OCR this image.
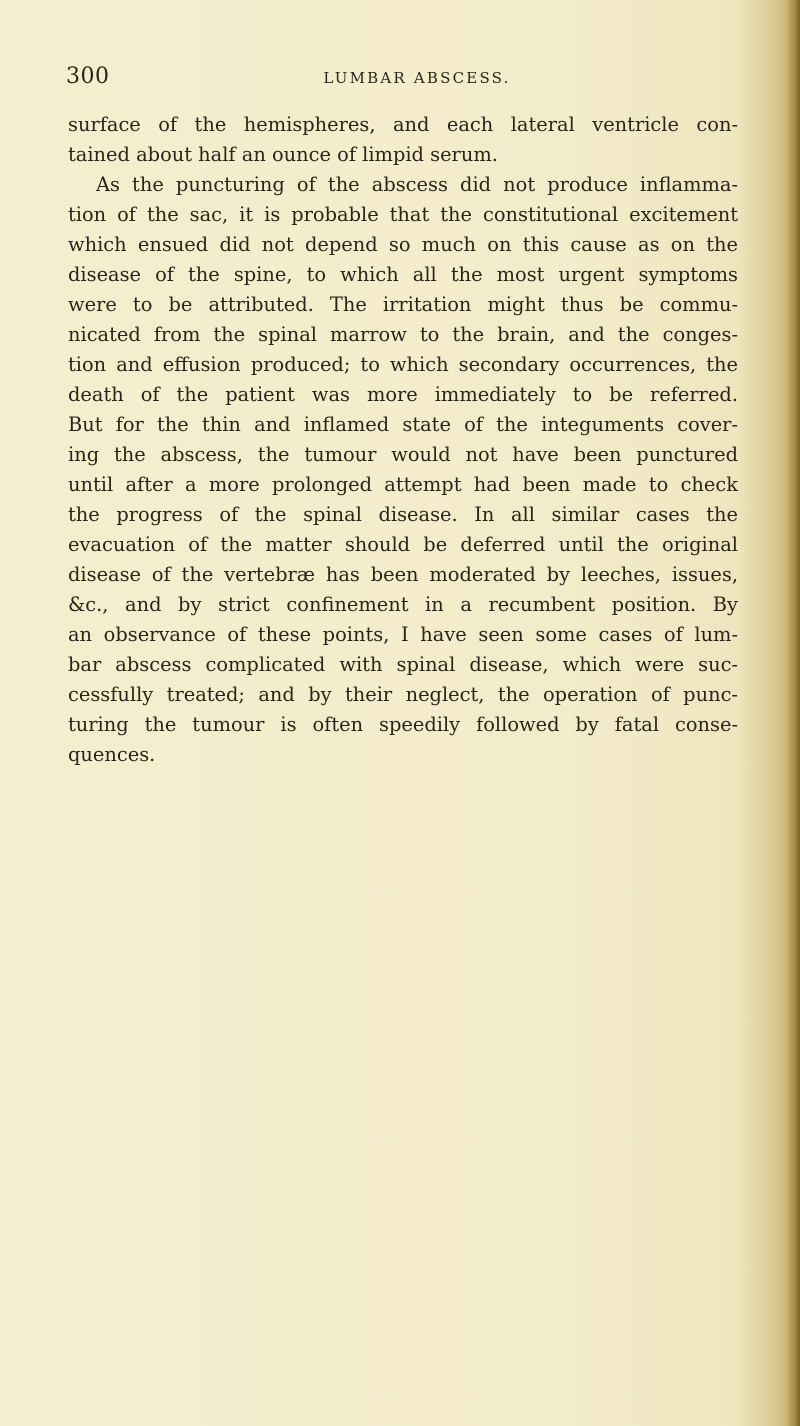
300	LUMBAR ABSCESS.
surface of the hemispheres, and each lateral ventricle con-
tained about half an ounce of limpid serum.
As the puncturing of the abscess did not produce inflamma-
tion of the sac, it is probable that the constitutional excitement
which ensued did not depend so much on this cause as on the
disease of the spine, to which all the most urgent symptoms
were to be attributed. The irritation might thus be commu-
nicated from the spinal marrow to the brain, and the conges-
tion and effusion produced; to which secondary occurrences, the
death of the patient was more immediately to be referred.
But for the thin and inflamed state of the integuments cover-
ing the abscess, the tumour would not have been punctured
until after a more prolonged attempt had been made to check
the progress of the spinal disease. In all similar cases the
evacuation of the matter should be deferred until the original
disease of the vertebræ has been moderated by leeches, issues,
&c., and by strict confinement in a recumbent position. By
an observance of these points, I have seen some cases of lum-
bar abscess complicated with spinal disease, which were suc-
cessfully treated; and by their neglect, the operation of punc-
turing the tumour is often speedily followed by fatal conse-
quences.
